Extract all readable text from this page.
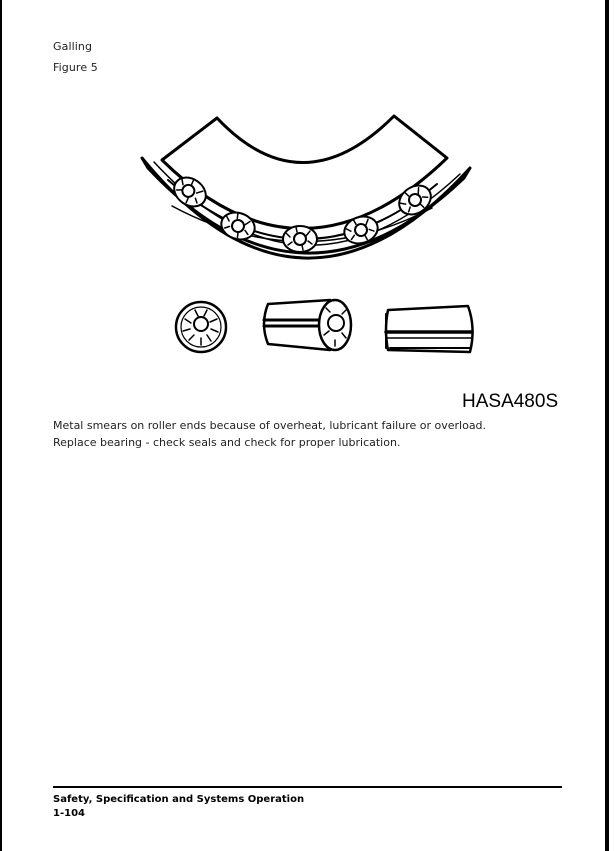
Galling
Figure 5
HASA480S
Metal smears on roller ends because of overheat, lubricant failure or overload.
Replace bearing - check seals and check for proper lubrication.
Safety, Specification and Systems Operation
1-104
